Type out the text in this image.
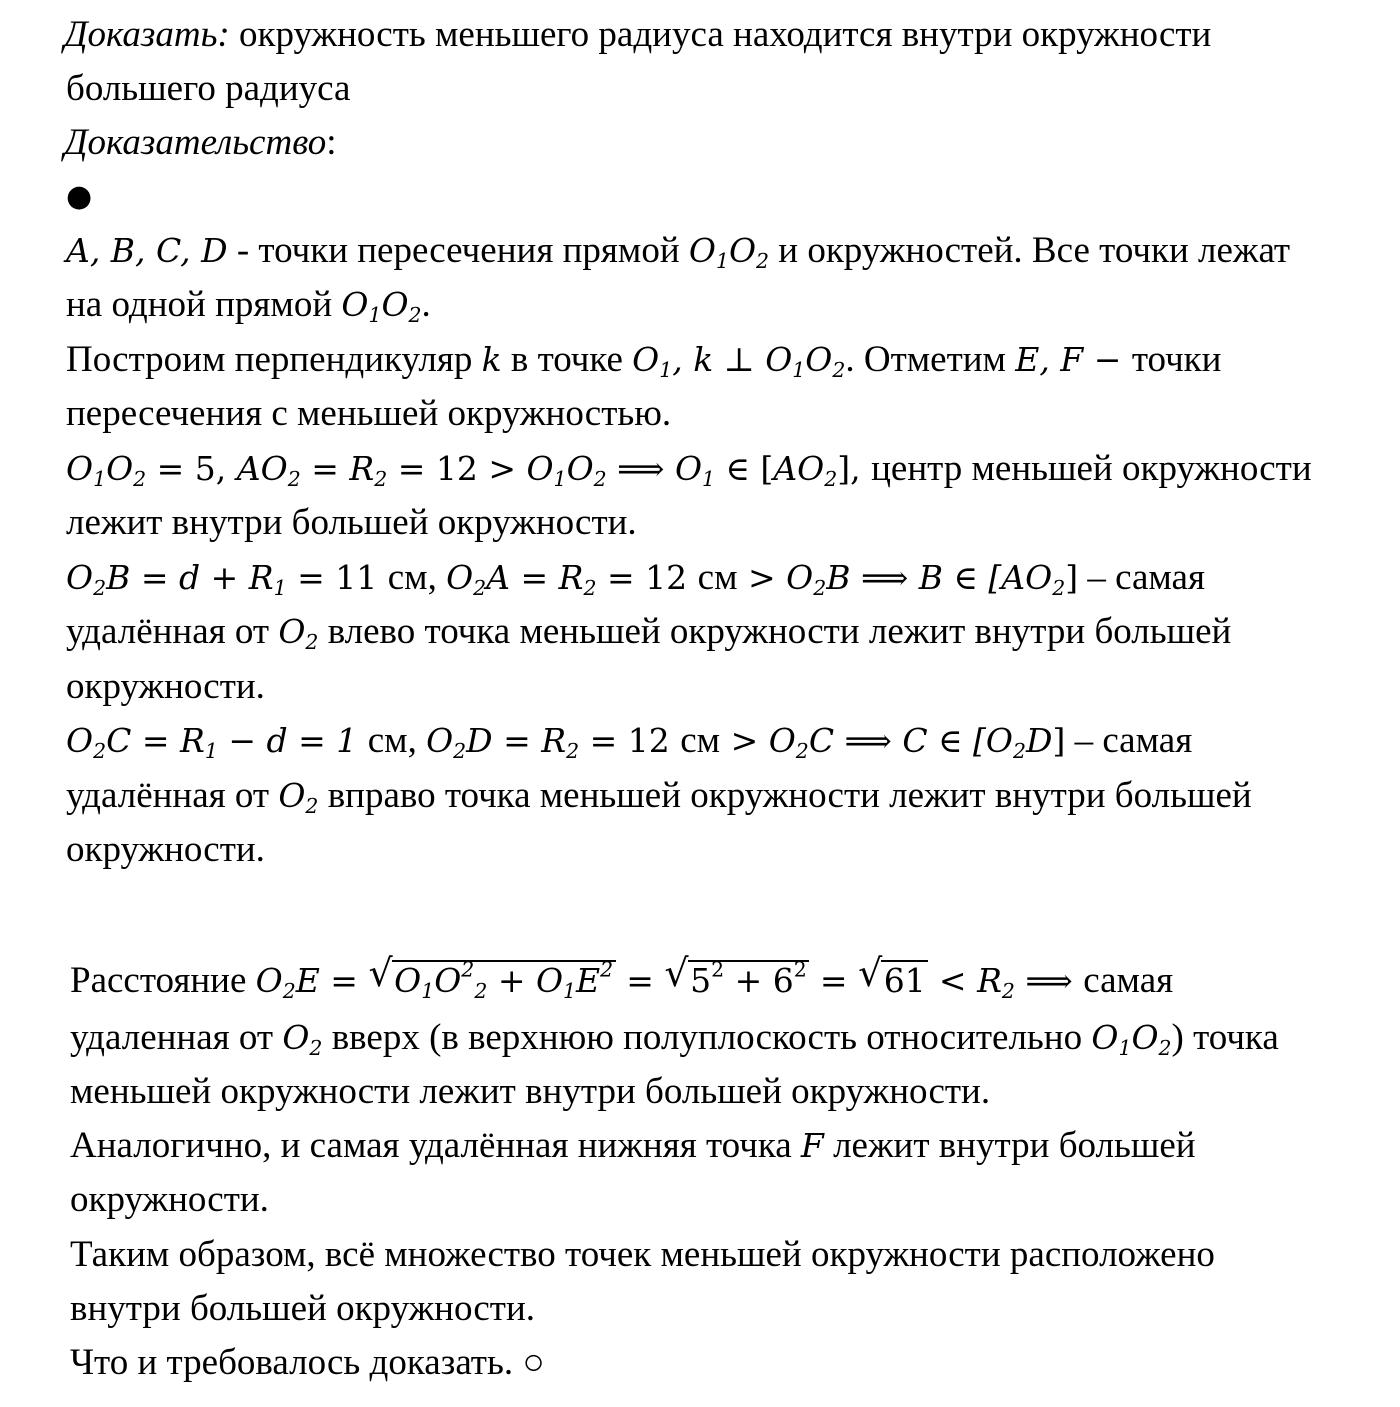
Доказать: окружность меньшего радиуса находится внутри окружности
большего радиуса
Доказательство:
●
A, B, C, D - точки пересечения прямой $O_1O_2$ и окружностей. Все точки лежат
на одной прямой $O_1O_2$.
Построим перпендикуляр k в точке $O_1$, k ⊥ $O_1O_2$. Отметим E, F − точки
пересечения с меньшей окружностью.
$O_1O_2 = 5$, $AO_2 = R_2 = 12 > O_1O_2$ ⟹ $O_1$ ∈ $[AO_2]$, центр меньшей окружности
лежит внутри большей окружности.
$O_2B = d + R_1 = 11$ см, $O_2A = R_2 = 12$ см > $O_2B$ ⟹ B ∈ $[AO_2]$ – самая
удалённая от $O_2$ влево точка меньшей окружности лежит внутри большей
окружности.
$O_2C = R_1 - d = 1$ см, $O_2D = R_2 = 12$ см > $O_2C$ ⟹ C ∈ $[O_2D]$ – самая
удалённая от $O_2$ вправо точка меньшей окружности лежит внутри большей
окружности.
Расстояние $O_2E$ = √ $O_1O^2_2 + O_1E^2$ = √ $5^2 + 6^2$ = √ $61 < R_2$ ⟹ самая
удаленная от $O_2$ вверх (в верхнюю полуплоскость относительно $O_1O_2$) точка
меньшей окружности лежит внутри большей окружности.
Аналогично, и самая удалённая нижняя точка F лежит внутри большей
окружности.
Таким образом, всё множество точек меньшей окружности расположено
внутри большей окружности.
Что и требовалось доказать. ○
